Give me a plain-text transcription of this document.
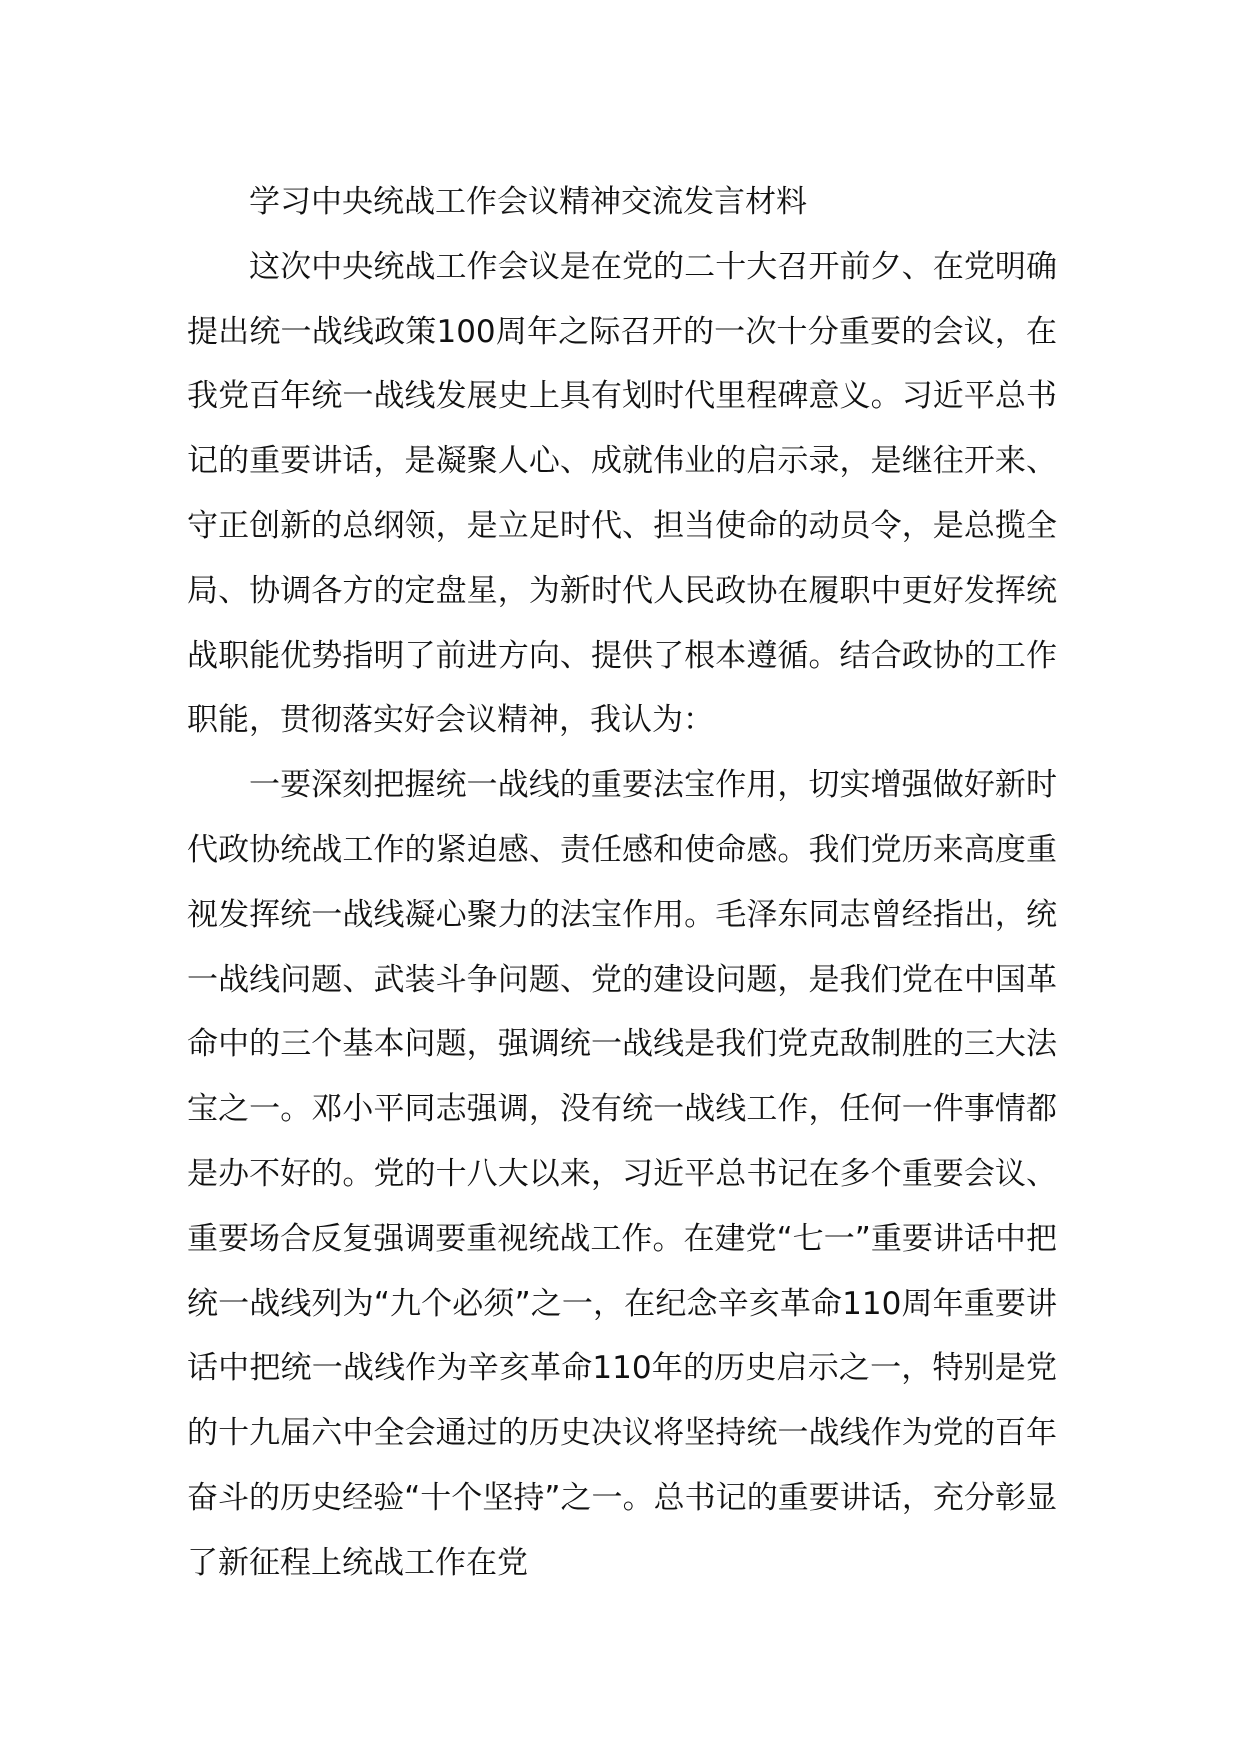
学习中央统战工作会议精神交流发言材料

这次中央统战工作会议是在党的二十大召开前夕、在党明确提出统一战线政策100周年之际召开的一次十分重要的会议，在我党百年统一战线发展史上具有划时代里程碑意义。习近平总书记的重要讲话，是凝聚人心、成就伟业的启示录，是继往开来、守正创新的总纲领，是立足时代、担当使命的动员令，是总揽全局、协调各方的定盘星，为新时代人民政协在履职中更好发挥统战职能优势指明了前进方向、提供了根本遵循。结合政协的工作职能，贯彻落实好会议精神，我认为：

一要深刻把握统一战线的重要法宝作用，切实增强做好新时代政协统战工作的紧迫感、责任感和使命感。我们党历来高度重视发挥统一战线凝心聚力的法宝作用。毛泽东同志曾经指出，统一战线问题、武装斗争问题、党的建设问题，是我们党在中国革命中的三个基本问题，强调统一战线是我们党克敌制胜的三大法宝之一。邓小平同志强调，没有统一战线工作，任何一件事情都是办不好的。党的十八大以来，习近平总书记在多个重要会议、重要场合反复强调要重视统战工作。在建党“七一”重要讲话中把统一战线列为“九个必须”之一，在纪念辛亥革命110周年重要讲话中把统一战线作为辛亥革命110年的历史启示之一，特别是党的十九届六中全会通过的历史决议将坚持统一战线作为党的百年奋斗的历史经验“十个坚持”之一。总书记的重要讲话，充分彰显了新征程上统战工作在党
